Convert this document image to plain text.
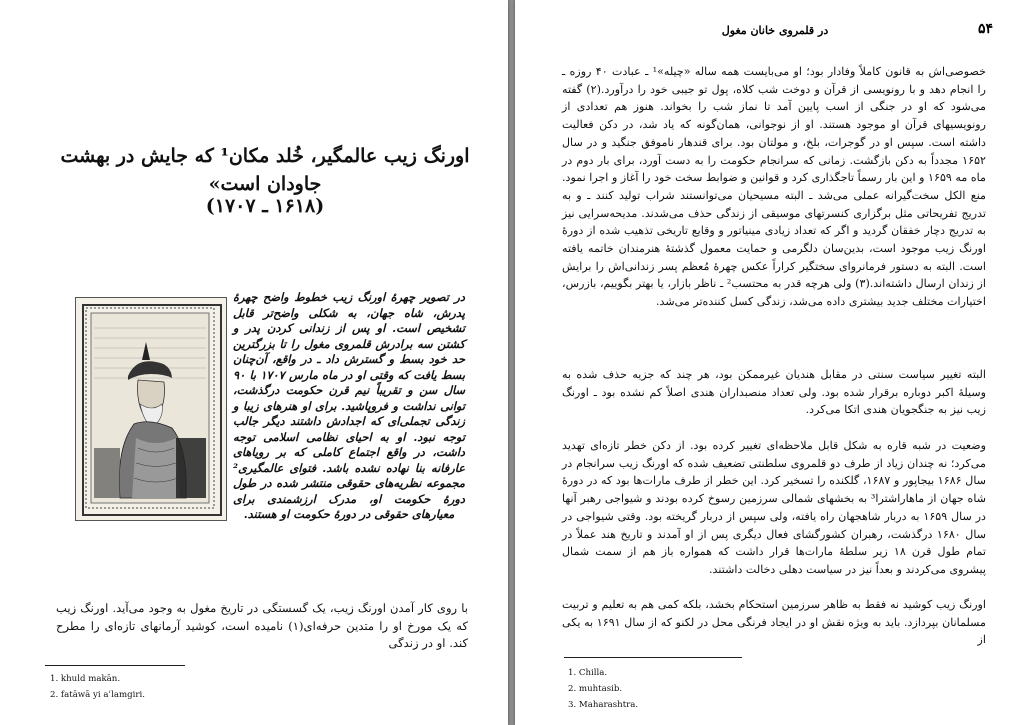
اورنگ زیب عالمگیر، خُلد مکان¹ که جایش در بهشت جاودان است»

(۱۶۱۸ ـ ۱۷۰۷)

در تصویر چهرهٔ اورنگ زیب خطوط واضح چهرهٔ پدرش، شاه جهان، به شکلی واضح‌تر قابل تشخیص است. او پس از زندانی کردن پدر و کشتن سه برادرش قلمروی مغول را تا بزرگترین حد خود بسط و گسترش داد ـ در واقع، آن‌چنان بسط یافت که وقتی او در ماه مارس ۱۷۰۷ با ۹۰ سال سن و تقریباً نیم قرن حکومت درگذشت، توانی نداشت و فروپاشید. برای او هنرهای زیبا و زندگی تجملی‌ای که اجدادش داشتند دیگر جالب توجه نبود. او به احیای نظامی اسلامی توجه داشت، در واقع اجتماع کاملی که بر رویاهای عارفانه بنا نهاده نشده باشد. فتوای عالمگیری² مجموعه نظریه‌های حقوقی منتشر شده در طول دورهٔ حکومت او، مدرک ارزشمندی برای معیارهای حقوقی در دورهٔ حکومت او هستند.

با روی کار آمدن اورنگ زیب، یک گسستگی در تاریخ مغول به وجود می‌آید. اورنگ زیب که یک مورخ او را متدین حرفه‌ای(۱) نامیده است، کوشید آرمانهای تازه‌ای را مطرح کند. او در زندگی

1. khuld makān.

2. fatāwā yi aʿlamgiri.

۵۴

در قلمروی خانان مغول

خصوصی‌اش به قانون کاملاً وفادار بود؛ او می‌بایست همه ساله «چیله»¹ ـ عبادت ۴۰ روزه ـ را انجام دهد و با رونویسی از قرآن و دوخت شب کلاه، پول تو جیبی خود را درآورد.(۲) گفته می‌شود که او در جنگی از اسب پایین آمد تا نماز شب را بخواند. هنوز هم تعدادی از رونویسیهای قرآن او موجود هستند. او از نوجوانی، همان‌گونه که یاد شد، در دکن فعالیت داشته است. سپس او در گوجرات، بلخ، و مولتان بود. برای قندهار ناموفق جنگید و در سال ۱۶۵۲ مجدداً به دکن بازگشت. زمانی که سرانجام حکومت را به دست آورد، برای بار دوم در ماه مه ۱۶۵۹ و این بار رسماً تاجگذاری کرد و قوانین و ضوابط سخت خود را آغاز و اجرا نمود. منع الکل سخت‌گیرانه عملی می‌شد ـ البته مسیحیان می‌توانستند شراب تولید کنند ـ و به تدریج تفریحاتی مثل برگزاری کنسرتهای موسیقی از زندگی حذف می‌شدند. مدیحه‌سرایی نیز به تدریج دچار خفقان گردید و اگر که تعداد زیادی مینیاتور و وقایع تاریخی تذهیب شده از دورهٔ اورنگ زیب موجود است، بدین‌سان دلگرمی و حمایت معمول گذشتهٔ هنرمندان خاتمه یافته است. البته به دستور فرمانروای سختگیر کراراً عکس چهرهٔ مُعظم پسر زندانی‌اش را برایش از زندان ارسال داشته‌اند.(۳) ولی هرچه قدر به محتسب² ـ ناظر بازار، یا بهتر بگوییم، بازرس، اختیارات مختلف جدید بیشتری داده می‌شد، زندگی کسل کننده‌تر می‌شد.

البته تغییر سیاست سنتی در مقابل هندیان غیرممکن بود، هر چند که جزیه حذف شده به وسیلهٔ اکبر دوباره برقرار شده بود. ولی تعداد منصبداران هندی اصلاً کم نشده بود ـ اورنگ زیب نیز به جنگجویان هندی اتکا می‌کرد.

وضعیت در شبه قاره به شکل قابل ملاحظه‌ای تغییر کرده بود. از دکن خطر تازه‌ای تهدید می‌کرد؛ نه چندان زیاد از طرف دو قلمروی سلطنتی تضعیف شده که اورنگ زیب سرانجام در سال ۱۶۸۶ بیجاپور و ۱۶۸۷، گلکنده را تسخیر کرد. این خطر از طرف مارات‌ها بود که در دورهٔ شاه جهان از ماهاراشترا³ به بخشهای شمالی سرزمین رسوخ کرده بودند و شیواجی رهبر آنها در سال ۱۶۵۹ به دربار شاهجهان راه یافته، ولی سپس از دربار گریخته بود. وقتی شیواجی در سال ۱۶۸۰ درگذشت، رهبران کشورگشای فعال دیگری پس از او آمدند و تاریخ هند عملاً در تمام طول قرن ۱۸ زیر سلطهٔ مارات‌ها قرار داشت که همواره باز هم از سمت شمال پیشروی می‌کردند و بعداً نیز در سیاست دهلی دخالت داشتند.

اورنگ زیب کوشید نه فقط به ظاهر سرزمین استحکام بخشد، بلکه کمی هم به تعلیم و تربیت مسلمانان بپردازد. باید به ویژه نقش او در ایجاد فرنگی محل در لکنو که از سال ۱۶۹۱ به یکی از

1. Chilla.

2. muhtasib.

3. Maharashtra.
